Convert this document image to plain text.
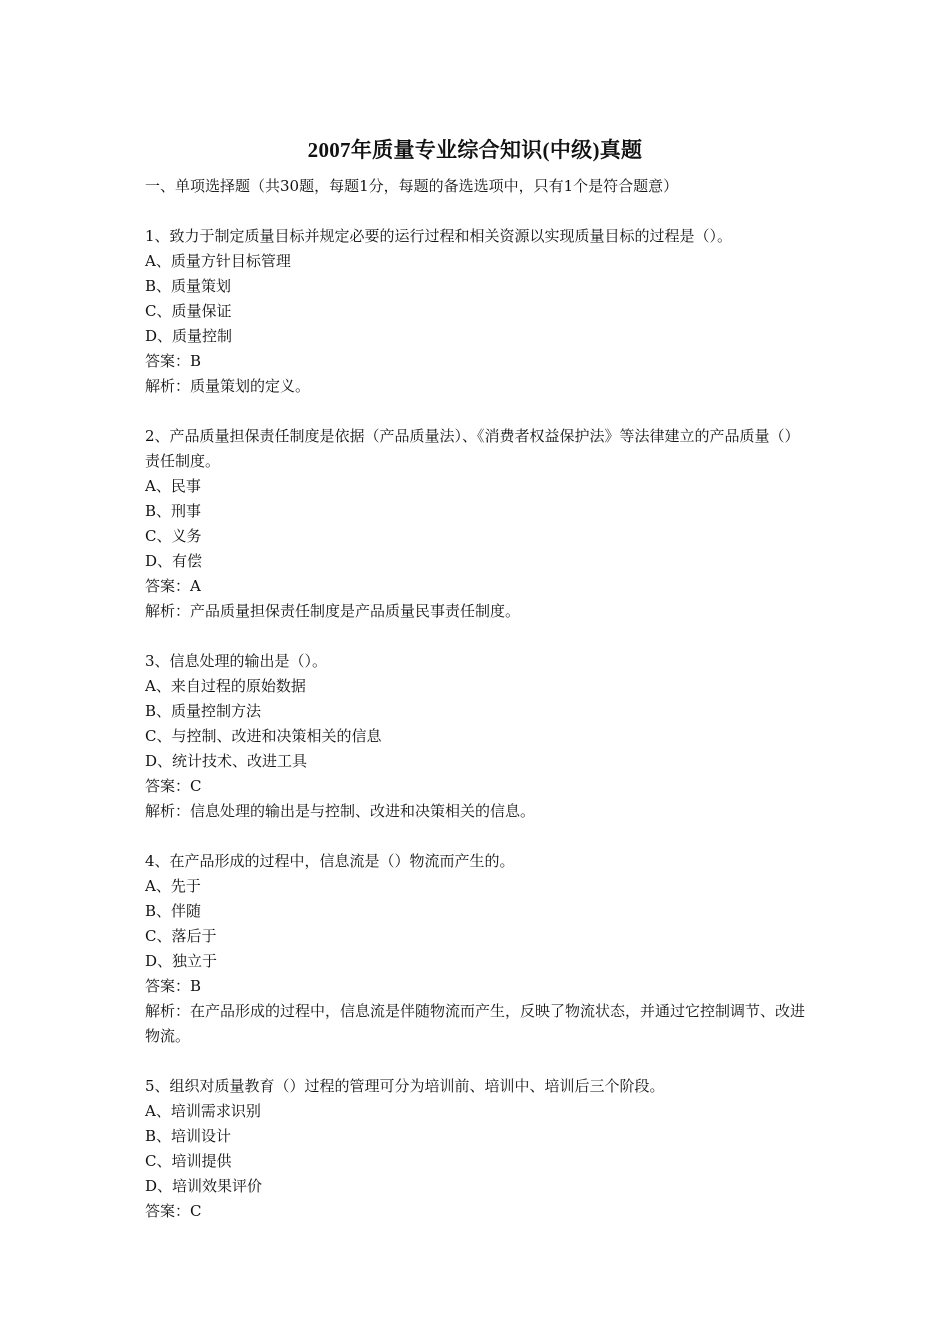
2007年质量专业综合知识(中级)真题
一、单项选择题（共30题，每题1分，每题的备选选项中，只有1个是符合题意）
1、致力于制定质量目标并规定必要的运行过程和相关资源以实现质量目标的过程是（）。
A、质量方针目标管理
B、质量策划
C、质量保证
D、质量控制
答案：B
解析：质量策划的定义。
2、产品质量担保责任制度是依据（产品质量法）、《消费者权益保护法》等法律建立的产品质量（）责任制度。
A、民事
B、刑事
C、义务
D、有偿
答案：A
解析：产品质量担保责任制度是产品质量民事责任制度。
3、信息处理的输出是（）。
A、来自过程的原始数据
B、质量控制方法
C、与控制、改进和决策相关的信息
D、统计技术、改进工具
答案：C
解析：信息处理的输出是与控制、改进和决策相关的信息。
4、在产品形成的过程中，信息流是（）物流而产生的。
A、先于
B、伴随
C、落后于
D、独立于
答案：B
解析：在产品形成的过程中，信息流是伴随物流而产生，反映了物流状态，并通过它控制调节、改进物流。
5、组织对质量教育（）过程的管理可分为培训前、培训中、培训后三个阶段。
A、培训需求识别
B、培训设计
C、培训提供
D、培训效果评价
答案：C
